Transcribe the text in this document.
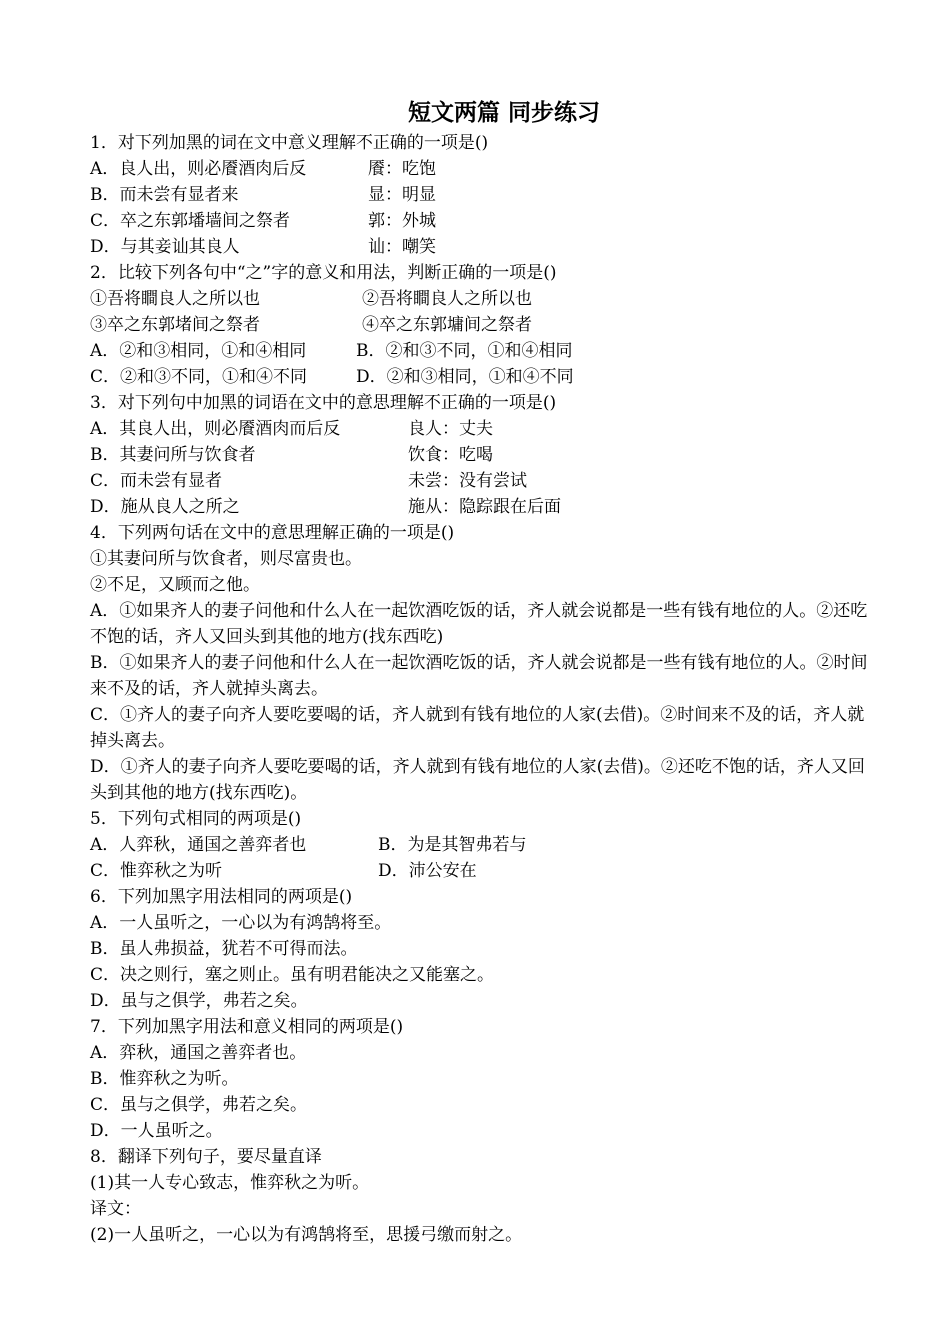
短文两篇 同步练习
1．对下列加黑的词在文中意义理解不正确的一项是()
A．良人出，则必餍酒肉后反	餍：吃饱
B．而未尝有显者来	显：明显
C．卒之东郭墦墙间之祭者	郭：外城
D．与其妾讪其良人	讪：嘲笑
2．比较下列各句中“之”字的意义和用法，判断正确的一项是()
①吾将瞷良人之所以也	②吾将瞷良人之所以也
③卒之东郭堵间之祭者	④卒之东郭墉间之祭者
A．②和③相同，①和④相同	B．②和③不同，①和④相同
C．②和③不同，①和④不同	D．②和③相同，①和④不同
3．对下列句中加黑的词语在文中的意思理解不正确的一项是()
A．其良人出，则必餍酒肉而后反	良人：丈夫
B．其妻问所与饮食者	饮食：吃喝
C．而未尝有显者	未尝：没有尝试
D．施从良人之所之	施从：隐踪跟在后面
4．下列两句话在文中的意思理解正确的一项是()
①其妻问所与饮食者，则尽富贵也。
②不足，又顾而之他。
A．①如果齐人的妻子问他和什么人在一起饮酒吃饭的话，齐人就会说都是一些有钱有地位的人。②还吃不饱的话，齐人又回头到其他的地方(找东西吃)
B．①如果齐人的妻子问他和什么人在一起饮酒吃饭的话，齐人就会说都是一些有钱有地位的人。②时间来不及的话，齐人就掉头离去。
C．①齐人的妻子向齐人要吃要喝的话，齐人就到有钱有地位的人家(去借)。②时间来不及的话，齐人就掉头离去。
D．①齐人的妻子向齐人要吃要喝的话，齐人就到有钱有地位的人家(去借)。②还吃不饱的话，齐人又回头到其他的地方(找东西吃)。
5．下列句式相同的两项是()
A．人弈秋，通国之善弈者也	B．为是其智弗若与
C．惟弈秋之为听	D．沛公安在
6．下列加黑字用法相同的两项是()
A．一人虽听之，一心以为有鸿鹄将至。
B．虽人弗损益，犹若不可得而法。
C．决之则行，塞之则止。虽有明君能决之又能塞之。
D．虽与之俱学，弗若之矣。
7．下列加黑字用法和意义相同的两项是()
A．弈秋，通国之善弈者也。
B．惟弈秋之为听。
C．虽与之俱学，弗若之矣。
D．一人虽听之。
8．翻译下列句子，要尽量直译
(1)其一人专心致志，惟弈秋之为听。
译文：
(2)一人虽听之，一心以为有鸿鹄将至，思援弓缴而射之。
